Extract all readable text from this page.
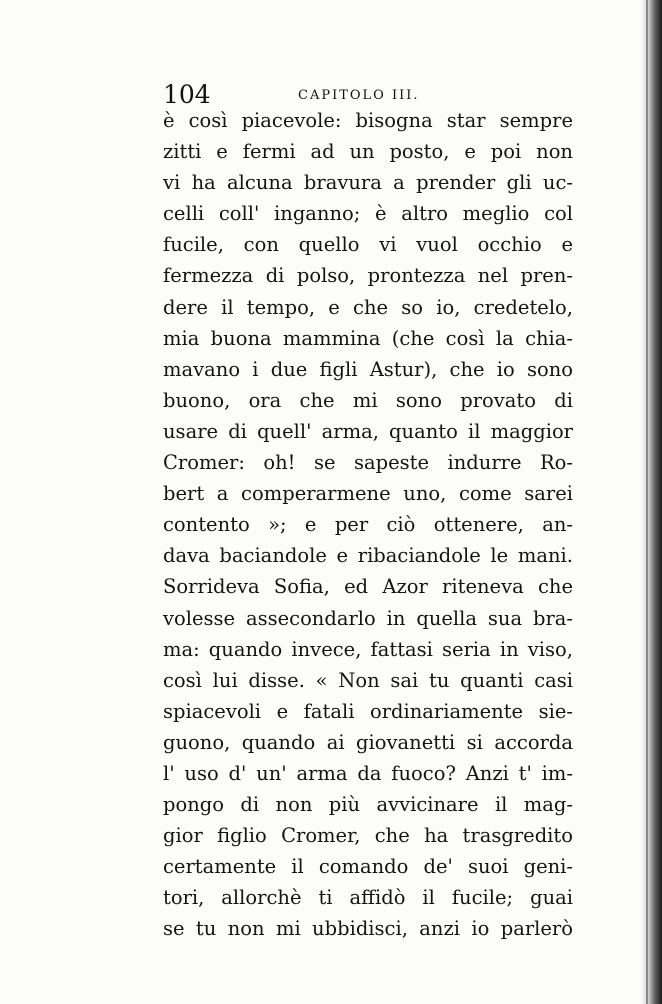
104	CAPITOLO III.
è così piacevole: bisogna star sempre
zitti e fermi ad un posto, e poi non
vi ha alcuna bravura a prender gli uc-
celli coll' inganno; è altro meglio col
fucile, con quello vi vuol occhio e
fermezza di polso, prontezza nel pren-
dere il tempo, e che so io, credetelo,
mia buona mammina (che così la chia-
mavano i due figli Astur), che io sono
buono, ora che mi sono provato di
usare di quell' arma, quanto il maggior
Cromer: oh! se sapeste indurre Ro-
bert a comperarmene uno, come sarei
contento »; e per ciò ottenere, an-
dava baciandole e ribaciandole le mani.
Sorrideva Sofia, ed Azor riteneva che
volesse assecondarlo in quella sua bra-
ma: quando invece, fattasi seria in viso,
così lui disse. « Non sai tu quanti casi
spiacevoli e fatali ordinariamente sie-
guono, quando ai giovanetti si accorda
l' uso d' un' arma da fuoco? Anzi t' im-
pongo di non più avvicinare il mag-
gior figlio Cromer, che ha trasgredito
certamente il comando de' suoi geni-
tori, allorchè ti affidò il fucile; guai
se tu non mi ubbidisci, anzi io parlerò
